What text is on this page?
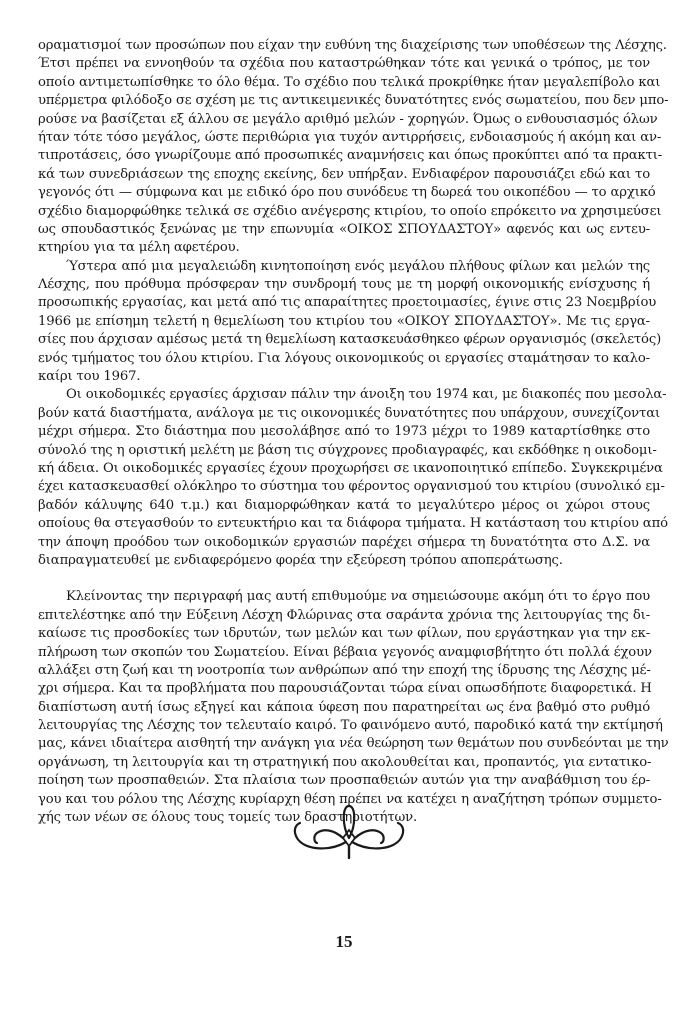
οραματισμοί των προσώπων που είχαν την ευθύνη της διαχείρισης των υποθέσεων της Λέσχης.
Έτσι πρέπει να εννοηθούν τα σχέδια που καταστρώθηκαν τότε και γενικά ο τρόπος, με τον
οποίο αντιμετωπίσθηκε το όλο θέμα. Το σχέδιο που τελικά προκρίθηκε ήταν μεγαλεπίβολο και
υπέρμετρα φιλόδοξο σε σχέση με τις αντικειμενικές δυνατότητες ενός σωματείου, που δεν μπο-
ρούσε να βασίζεται εξ άλλου σε μεγάλο αριθμό μελών - χορηγών. Όμως ο ενθουσιασμός όλων
ήταν τότε τόσο μεγάλος, ώστε περιθώρια για τυχόν αντιρρήσεις, ενδοιασμούς ή ακόμη και αν-
τιπροτάσεις, όσο γνωρίζουμε από προσωπικές αναμνήσεις και όπως προκύπτει από τα πρακτι-
κά των συνεδριάσεων της εποχης εκείνης, δεν υπήρξαν. Ενδιαφέρον παρουσιάζει εδώ και το
γεγονός ότι — σύμφωνα και με ειδικό όρο που συνόδευε τη δωρεά του οικοπέδου — το αρχικό
σχέδιο διαμορφώθηκε τελικά σε σχέδιο ανέγερσης κτιρίου, το οποίο επρόκειτο να χρησιμεύσει
ως σπουδαστικός ξενώνας με την επωνυμία «ΟΙΚΟΣ ΣΠΟΥΔΑΣΤΟΥ» αφενός και ως εντευ-
κτηρίου για τα μέλη αφετέρου.
Ύστερα από μια μεγαλειώδη κινητοποίηση ενός μεγάλου πλήθους φίλων και μελών της
Λέσχης, που πρόθυμα πρόσφεραν την συνδρομή τους με τη μορφή οικονομικής ενίσχυσης ή
προσωπικής εργασίας, και μετά από τις απαραίτητες προετοιμασίες, έγινε στις 23 Νοεμβρίου
1966 με επίσημη τελετή η θεμελίωση του κτιρίου του «ΟΙΚΟΥ ΣΠΟΥΔΑΣΤΟΥ». Με τις εργα-
σίες που άρχισαν αμέσως μετά τη θεμελίωση κατασκευάσθηκεο φέρων οργανισμός (σκελετός)
ενός τμήματος του όλου κτιρίου. Για λόγους οικονομικούς οι εργασίες σταμάτησαν το καλο-
καίρι του 1967.
Οι οικοδομικές εργασίες άρχισαν πάλιν την άνοιξη του 1974 και, με διακοπές που μεσολα-
βούν κατά διαστήματα, ανάλογα με τις οικονομικές δυνατότητες που υπάρχουν, συνεχίζονται
μέχρι σήμερα. Στο διάστημα που μεσολάβησε από το 1973 μέχρι το 1989 καταρτίσθηκε στο
σύνολό της η οριστική μελέτη με βάση τις σύγχρονες προδιαγραφές, και εκδόθηκε η οικοδομι-
κή άδεια. Οι οικοδομικές εργασίες έχουν προχωρήσει σε ικανοποιητικό επίπεδο. Συγκεκριμένα
έχει κατασκευασθεί ολόκληρο το σύστημα του φέροντος οργανισμού του κτιρίου (συνολικό εμ-
βαδόν κάλυψης 640 τ.μ.) και διαμορφώθηκαν κατά το μεγαλύτερο μέρος οι χώροι στους
οποίους θα στεγασθούν το εντευκτήριο και τα διάφορα τμήματα. Η κατάσταση του κτιρίου από
την άποψη προόδου των οικοδομικών εργασιών παρέχει σήμερα τη δυνατότητα στο Δ.Σ. να
διαπραγματευθεί με ενδιαφερόμενο φορέα την εξεύρεση τρόπου αποπεράτωσης.
Κλείνοντας την περιγραφή μας αυτή επιθυμούμε να σημειώσουμε ακόμη ότι το έργο που
επιτελέστηκε από την Εύξεινη Λέσχη Φλώρινας στα σαράντα χρόνια της λειτουργίας της δι-
καίωσε τις προσδοκίες των ιδρυτών, των μελών και των φίλων, που εργάστηκαν για την εκ-
πλήρωση των σκοπών του Σωματείου. Είναι βέβαια γεγονός αναμφισβήτητο ότι πολλά έχουν
αλλάξει στη ζωή και τη νοοτροπία των ανθρώπων από την εποχή της ίδρυσης της Λέσχης μέ-
χρι σήμερα. Και τα προβλήματα που παρουσιάζονται τώρα είναι οπωσδήποτε διαφορετικά. Η
διαπίστωση αυτή ίσως εξηγεί και κάποια ύφεση που παρατηρείται ως ένα βαθμό στο ρυθμό
λειτουργίας της Λέσχης τον τελευταίο καιρό. Το φαινόμενο αυτό, παροδικό κατά την εκτίμησή
μας, κάνει ιδιαίτερα αισθητή την ανάγκη για νέα θεώρηση των θεμάτων που συνδεόνται με την
οργάνωση, τη λειτουργία και τη στρατηγική που ακολουθείται και, προπαντός, για εντατικο-
ποίηση των προσπαθειών. Στα πλαίσια των προσπαθειών αυτών για την αναβάθμιση του έρ-
γου και του ρόλου της Λέσχης κυρίαρχη θέση πρέπει να κατέχει η αναζήτηση τρόπων συμμετο-
χής των νέων σε όλους τους τομείς των δραστηριοτήτων.
15
